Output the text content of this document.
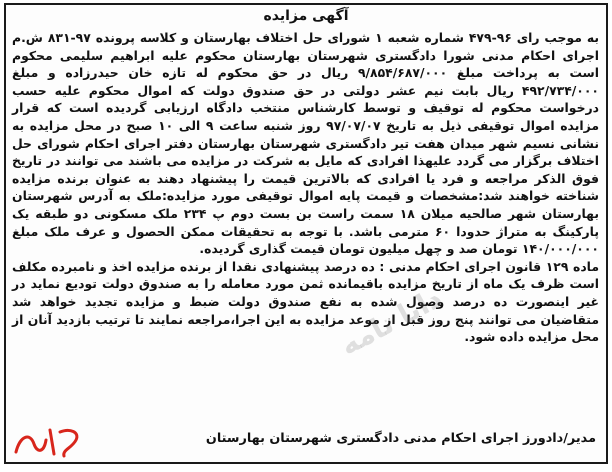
آگهی مزایده

به موجب رای ۹۶-۴۷۹ شماره شعبه ۱ شورای حل اختلاف بهارستان و کلاسه پرونده ۹۷-۸۳۱ ش.م اجرای احکام مدنی شورا دادگستری شهرستان بهارستان محکوم علیه ابراهیم سلیمی محکوم است به پرداخت مبلغ ۹/۸۵۴/۶۸۷/۰۰۰ ریال در حق محکوم له تازه خان حیدرزاده و مبلغ ۴۹۲/۷۳۴/۰۰۰ ریال بابت نیم عشر دولتی در حق صندوق دولت که اموال محکوم علیه حسب درخواست محکوم له توقیف و توسط کارشناس منتخب دادگاه ارزیابی گردیده است که قرار مزایده اموال توقیفی ذیل به تاریخ ۹۷/۰۷/۰۷ روز شنبه ساعت ۹ الی ۱۰ صبح در محل مزایده به نشانی نسیم شهر میدان هفت تیر دادگستری شهرستان بهارستان دفتر اجرای احکام شورای حل اختلاف برگزار می گردد علیهذا افرادی که مایل به شرکت در مزایده می باشند می توانند در تاریخ فوق الذکر مراجعه و فرد یا افرادی که بالاترین قیمت را پیشنهاد دهند به عنوان برنده مزایده شناخته خواهند شد:مشخصات و قیمت پایه اموال توقیفی مورد مزایده:ملک به آدرس شهرستان بهارستان شهر صالحیه میلان ۱۸ سمت راست بن بست دوم پ ۲۳۴ ملک مسکونی دو طبقه یک پارکینگ به متراژ حدودا ۶۰ مترمی باشد. با توجه به تحقیقات ممکن الحصول و عرف ملک مبلغ ۱۴۰/۰۰۰/۰۰۰ تومان صد و چهل میلیون تومان قیمت گذاری گردیده.

ماده ۱۲۹ قانون اجرای احکام مدنی : ده درصد پیشنهادی نقدا از برنده مزایده اخذ و نامبرده مکلف است ظرف یک ماه از تاریخ مزایده باقیمانده ثمن مورد معامله را به صندوق دولت تودیع نماید در غیر اینصورت ده درصد وصول شده به نفع صندوق دولت ضبط و مزایده تجدید خواهد شد متقاضیان می توانند پنج روز قبل از موعد مزایده به این اجرا،مراجعه نمایند تا ترتیب بازدید آنان از محل مزایده داده شود.

دانا نامه
مدیر/دادورز اجرای احکام مدنی دادگستری شهرستان بهارستان
